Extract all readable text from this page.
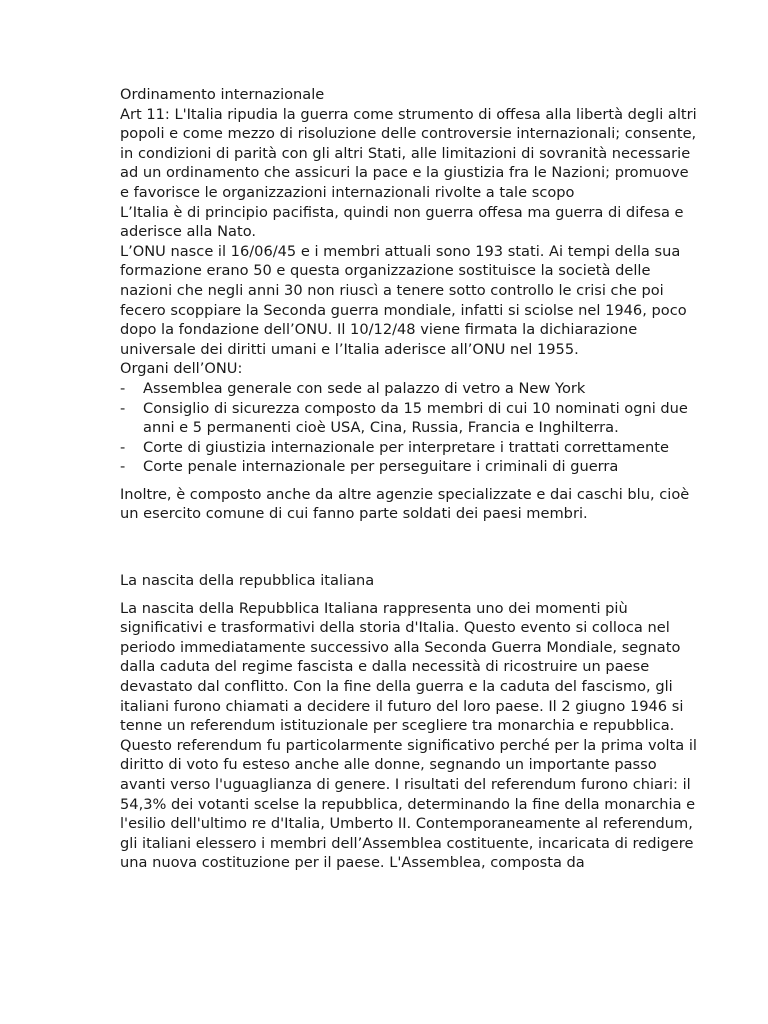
Ordinamento internazionale

Art 11: L'Italia ripudia la guerra come strumento di offesa alla libertà degli altri popoli e come mezzo di risoluzione delle controversie internazionali; consente, in condizioni di parità con gli altri Stati, alle limitazioni di sovranità necessarie ad un ordinamento che assicuri la pace e la giustizia fra le Nazioni; promuove e favorisce le organizzazioni internazionali rivolte a tale scopo

L’Italia è di principio pacifista, quindi non guerra offesa ma guerra di difesa e aderisce alla Nato.

L’ONU nasce il 16/06/45 e i membri attuali sono 193 stati. Ai tempi della sua formazione erano 50 e questa organizzazione sostituisce la società delle nazioni che negli anni 30 non riuscì a tenere sotto controllo le crisi che poi fecero scoppiare la Seconda guerra mondiale, infatti si sciolse nel 1946, poco dopo la fondazione dell’ONU. Il 10/12/48 viene firmata la dichiarazione universale dei diritti umani e l’Italia aderisce all’ONU nel 1955.

Organi dell’ONU:

- Assemblea generale con sede al palazzo di vetro a New York
- Consiglio di sicurezza composto da 15 membri di cui 10 nominati ogni due anni e 5 permanenti cioè USA, Cina, Russia, Francia e Inghilterra.
- Corte di giustizia internazionale per interpretare i trattati correttamente
- Corte penale internazionale per perseguitare i criminali di guerra

Inoltre, è composto anche da altre agenzie specializzate e dai caschi blu, cioè un esercito comune di cui fanno parte soldati dei paesi membri.

La nascita della repubblica italiana

La nascita della Repubblica Italiana rappresenta uno dei momenti più significativi e trasformativi della storia d'Italia. Questo evento si colloca nel periodo immediatamente successivo alla Seconda Guerra Mondiale, segnato dalla caduta del regime fascista e dalla necessità di ricostruire un paese devastato dal conflitto. Con la fine della guerra e la caduta del fascismo, gli italiani furono chiamati a decidere il futuro del loro paese. Il 2 giugno 1946 si tenne un referendum istituzionale per scegliere tra monarchia e repubblica. Questo referendum fu particolarmente significativo perché per la prima volta il diritto di voto fu esteso anche alle donne, segnando un importante passo avanti verso l'uguaglianza di genere. I risultati del referendum furono chiari: il 54,3% dei votanti scelse la repubblica, determinando la fine della monarchia e l'esilio dell'ultimo re d'Italia, Umberto II. Contemporaneamente al referendum, gli italiani elessero i membri dell’Assemblea costituente, incaricata di redigere una nuova costituzione per il paese. L'Assemblea, composta da
